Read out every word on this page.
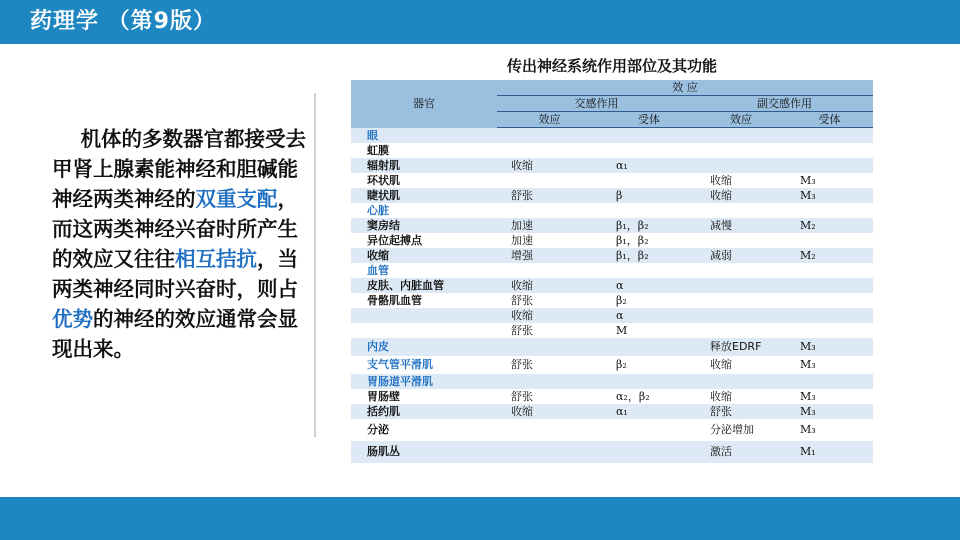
药理学 （第9版）
机体的多数器官都接受去甲肾上腺素能神经和胆碱能神经两类神经的双重支配，而这两类神经兴奋时所产生的效应又往往相互拮抗，当两类神经同时兴奋时，则占优势的神经的效应通常会显现出来。
传出神经系统作用部位及其功能
器官	效 应			
	交感作用		副交感作用	
	效应	受体	效应	受体
眼				
虹膜				
辐射肌	收缩	α₁		
环状肌			收缩	M₃
睫状肌	舒张	β	收缩	M₃
心脏				
窦房结	加速	β₁，β₂	减慢	M₂
异位起搏点	加速	β₁，β₂		
收缩	增强	β₁，β₂	减弱	M₂
血管				
皮肤、内脏血管	收缩	α		
骨骼肌血管	舒张	β₂		
	收缩	α		
	舒张	M		
内皮			释放EDRF	M₃
支气管平滑肌	舒张	β₂	收缩	M₃
胃肠道平滑肌				
胃肠壁	舒张	α₂，β₂	收缩	M₃
括约肌	收缩	α₁	舒张	M₃
分泌			分泌增加	M₃
肠肌丛			激活	M₁
